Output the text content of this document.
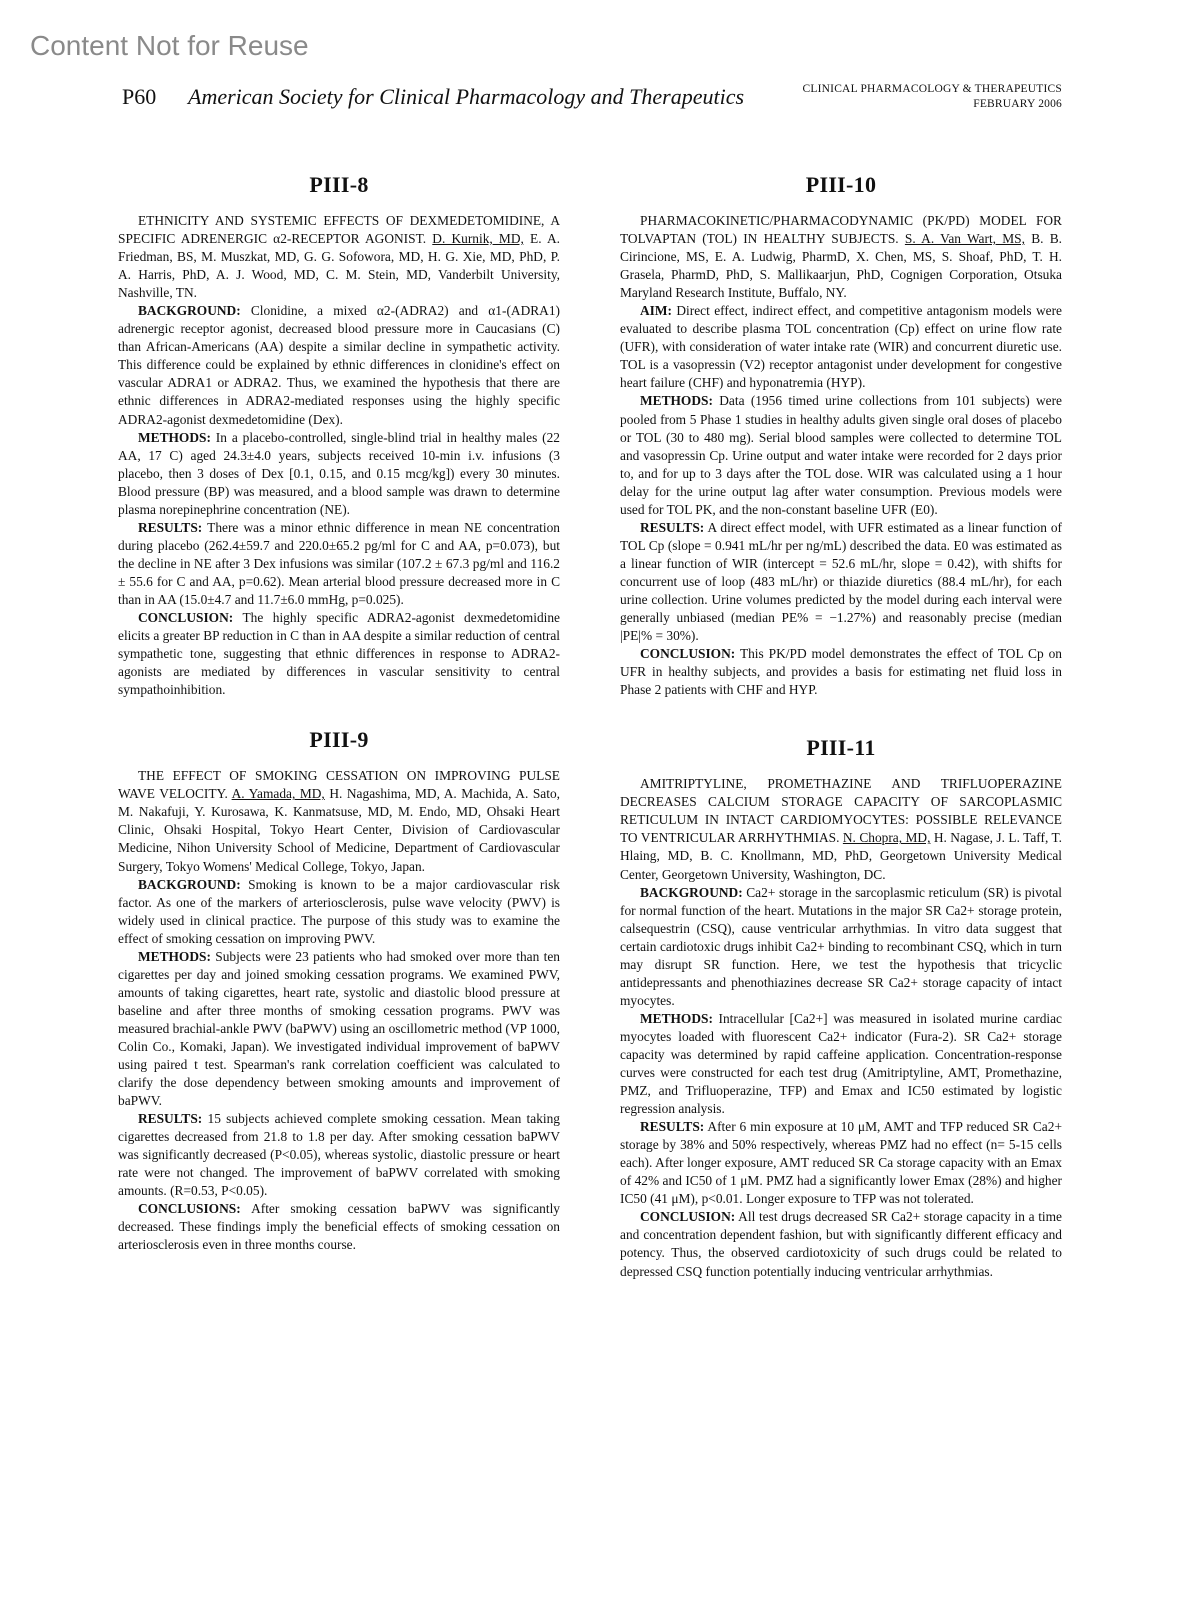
Content Not for Reuse
P60 American Society for Clinical Pharmacology and Therapeutics	CLINICAL PHARMACOLOGY & THERAPEUTICS
FEBRUARY 2006
PIII-8

ETHNICITY AND SYSTEMIC EFFECTS OF DEXMEDETOMIDINE, A SPECIFIC ADRENERGIC α2-RECEPTOR AGONIST. D. Kurnik, MD, E. A. Friedman, BS, M. Muszkat, MD, G. G. Sofowora, MD, H. G. Xie, MD, PhD, P. A. Harris, PhD, A. J. Wood, MD, C. M. Stein, MD, Vanderbilt University, Nashville, TN.

BACKGROUND: Clonidine, a mixed α2-(ADRA2) and α1-(ADRA1) adrenergic receptor agonist, decreased blood pressure more in Caucasians (C) than African-Americans (AA) despite a similar decline in sympathetic activity. This difference could be explained by ethnic differences in clonidine's effect on vascular ADRA1 or ADRA2. Thus, we examined the hypothesis that there are ethnic differences in ADRA2-mediated responses using the highly specific ADRA2-agonist dexmedetomidine (Dex).

METHODS: In a placebo-controlled, single-blind trial in healthy males (22 AA, 17 C) aged 24.3±4.0 years, subjects received 10-min i.v. infusions (3 placebo, then 3 doses of Dex [0.1, 0.15, and 0.15 mcg/kg]) every 30 minutes. Blood pressure (BP) was measured, and a blood sample was drawn to determine plasma norepinephrine concentration (NE).

RESULTS: There was a minor ethnic difference in mean NE concentration during placebo (262.4±59.7 and 220.0±65.2 pg/ml for C and AA, p=0.073), but the decline in NE after 3 Dex infusions was similar (107.2 ± 67.3 pg/ml and 116.2 ± 55.6 for C and AA, p=0.62). Mean arterial blood pressure decreased more in C than in AA (15.0±4.7 and 11.7±6.0 mmHg, p=0.025).

CONCLUSION: The highly specific ADRA2-agonist dexmedetomidine elicits a greater BP reduction in C than in AA despite a similar reduction of central sympathetic tone, suggesting that ethnic differences in response to ADRA2-agonists are mediated by differences in vascular sensitivity to central sympathoinhibition.

PIII-9

THE EFFECT OF SMOKING CESSATION ON IMPROVING PULSE WAVE VELOCITY. A. Yamada, MD, H. Nagashima, MD, A. Machida, A. Sato, M. Nakafuji, Y. Kurosawa, K. Kanmatsuse, MD, M. Endo, MD, Ohsaki Heart Clinic, Ohsaki Hospital, Tokyo Heart Center, Division of Cardiovascular Medicine, Nihon University School of Medicine, Department of Cardiovascular Surgery, Tokyo Womens' Medical College, Tokyo, Japan.

BACKGROUND: Smoking is known to be a major cardiovascular risk factor. As one of the markers of arteriosclerosis, pulse wave velocity (PWV) is widely used in clinical practice. The purpose of this study was to examine the effect of smoking cessation on improving PWV.

METHODS: Subjects were 23 patients who had smoked over more than ten cigarettes per day and joined smoking cessation programs. We examined PWV, amounts of taking cigarettes, heart rate, systolic and diastolic blood pressure at baseline and after three months of smoking cessation programs. PWV was measured brachial-ankle PWV (baPWV) using an oscillometric method (VP 1000, Colin Co., Komaki, Japan). We investigated individual improvement of baPWV using paired t test. Spearman's rank correlation coefficient was calculated to clarify the dose dependency between smoking amounts and improvement of baPWV.

RESULTS: 15 subjects achieved complete smoking cessation. Mean taking cigarettes decreased from 21.8 to 1.8 per day. After smoking cessation baPWV was significantly decreased (P<0.05), whereas systolic, diastolic pressure or heart rate were not changed. The improvement of baPWV correlated with smoking amounts. (R=0.53, P<0.05).

CONCLUSIONS: After smoking cessation baPWV was significantly decreased. These findings imply the beneficial effects of smoking cessation on arteriosclerosis even in three months course.

PIII-10

PHARMACOKINETIC/PHARMACODYNAMIC (PK/PD) MODEL FOR TOLVAPTAN (TOL) IN HEALTHY SUBJECTS. S. A. Van Wart, MS, B. B. Cirincione, MS, E. A. Ludwig, PharmD, X. Chen, MS, S. Shoaf, PhD, T. H. Grasela, PharmD, PhD, S. Mallikaarjun, PhD, Cognigen Corporation, Otsuka Maryland Research Institute, Buffalo, NY.

AIM: Direct effect, indirect effect, and competitive antagonism models were evaluated to describe plasma TOL concentration (Cp) effect on urine flow rate (UFR), with consideration of water intake rate (WIR) and concurrent diuretic use. TOL is a vasopressin (V2) receptor antagonist under development for congestive heart failure (CHF) and hyponatremia (HYP).

METHODS: Data (1956 timed urine collections from 101 subjects) were pooled from 5 Phase 1 studies in healthy adults given single oral doses of placebo or TOL (30 to 480 mg). Serial blood samples were collected to determine TOL and vasopressin Cp. Urine output and water intake were recorded for 2 days prior to, and for up to 3 days after the TOL dose. WIR was calculated using a 1 hour delay for the urine output lag after water consumption. Previous models were used for TOL PK, and the non-constant baseline UFR (E0).

RESULTS: A direct effect model, with UFR estimated as a linear function of TOL Cp (slope = 0.941 mL/hr per ng/mL) described the data. E0 was estimated as a linear function of WIR (intercept = 52.6 mL/hr, slope = 0.42), with shifts for concurrent use of loop (483 mL/hr) or thiazide diuretics (88.4 mL/hr), for each urine collection. Urine volumes predicted by the model during each interval were generally unbiased (median PE% = −1.27%) and reasonably precise (median |PE|% = 30%).

CONCLUSION: This PK/PD model demonstrates the effect of TOL Cp on UFR in healthy subjects, and provides a basis for estimating net fluid loss in Phase 2 patients with CHF and HYP.

PIII-11

AMITRIPTYLINE, PROMETHAZINE AND TRIFLUOPERAZINE DECREASES CALCIUM STORAGE CAPACITY OF SARCOPLASMIC RETICULUM IN INTACT CARDIOMYOCYTES: POSSIBLE RELEVANCE TO VENTRICULAR ARRHYTHMIAS. N. Chopra, MD, H. Nagase, J. L. Taff, T. Hlaing, MD, B. C. Knollmann, MD, PhD, Georgetown University Medical Center, Georgetown University, Washington, DC.

BACKGROUND: Ca2+ storage in the sarcoplasmic reticulum (SR) is pivotal for normal function of the heart. Mutations in the major SR Ca2+ storage protein, calsequestrin (CSQ), cause ventricular arrhythmias. In vitro data suggest that certain cardiotoxic drugs inhibit Ca2+ binding to recombinant CSQ, which in turn may disrupt SR function. Here, we test the hypothesis that tricyclic antidepressants and phenothiazines decrease SR Ca2+ storage capacity of intact myocytes.

METHODS: Intracellular [Ca2+] was measured in isolated murine cardiac myocytes loaded with fluorescent Ca2+ indicator (Fura-2). SR Ca2+ storage capacity was determined by rapid caffeine application. Concentration-response curves were constructed for each test drug (Amitriptyline, AMT, Promethazine, PMZ, and Trifluoperazine, TFP) and Emax and IC50 estimated by logistic regression analysis.

RESULTS: After 6 min exposure at 10 μM, AMT and TFP reduced SR Ca2+ storage by 38% and 50% respectively, whereas PMZ had no effect (n= 5-15 cells each). After longer exposure, AMT reduced SR Ca storage capacity with an Emax of 42% and IC50 of 1 μM. PMZ had a significantly lower Emax (28%) and higher IC50 (41 μM), p<0.01. Longer exposure to TFP was not tolerated.

CONCLUSION: All test drugs decreased SR Ca2+ storage capacity in a time and concentration dependent fashion, but with significantly different efficacy and potency. Thus, the observed cardiotoxicity of such drugs could be related to depressed CSQ function potentially inducing ventricular arrhythmias.
